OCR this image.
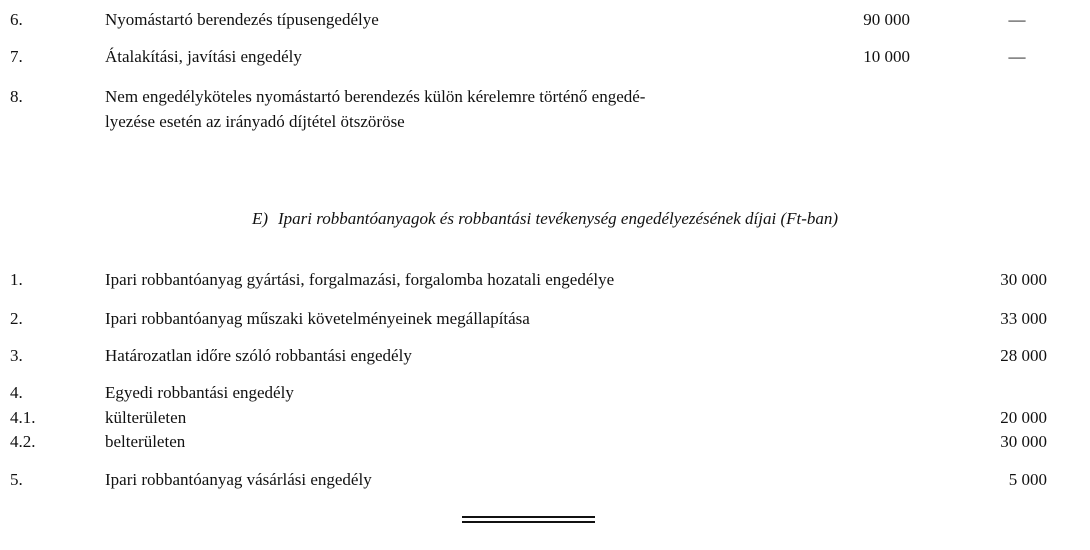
6.	Nyomástartó berendezés típusengedélye	90 000	—
7.	Átalakítási, javítási engedély	10 000	—
8.	Nem engedélyköteles nyomástartó berendezés külön kérelemre történő engedé-
lyezése esetén az irányadó díjtétel ötszöröse
E) Ipari robbantóanyagok és robbantási tevékenység engedélyezésének díjai (Ft-ban)
1.	Ipari robbantóanyag gyártási, forgalmazási, forgalomba hozatali engedélye	30 000
2.	Ipari robbantóanyag műszaki követelményeinek megállapítása	33 000
3.	Határozatlan időre szóló robbantási engedély	28 000
4.	Egyedi robbantási engedély
4.1.	külterületen	20 000
4.2.	belterületen	30 000
5.	Ipari robbantóanyag vásárlási engedély	5 000
